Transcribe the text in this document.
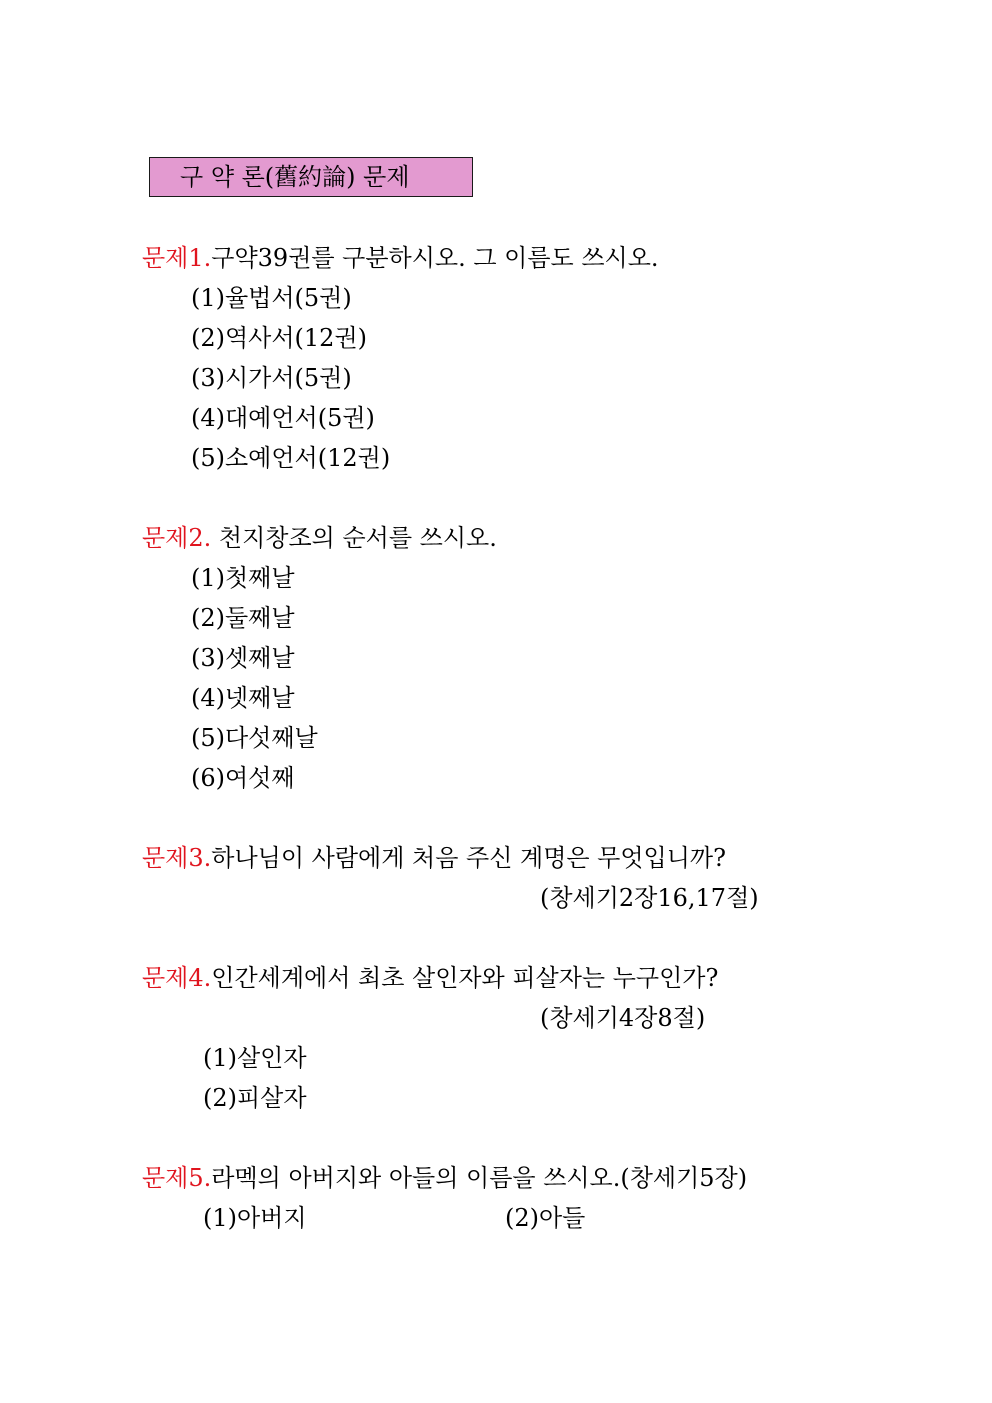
구 약 론(舊約論) 문제
문제1.구약39권를 구분하시오. 그 이름도 쓰시오.
(1)율법서(5권)
(2)역사서(12권)
(3)시가서(5권)
(4)대예언서(5권)
(5)소예언서(12권)
문제2. 천지창조의 순서를 쓰시오.
(1)첫째날
(2)둘째날
(3)셋째날
(4)넷째날
(5)다섯째날
(6)여섯째
문제3.하나님이 사람에게 처음 주신 계명은 무엇입니까?
(창세기2장16,17절)
문제4.인간세계에서 최초 살인자와 피살자는 누구인가?
(창세기4장8절)
(1)살인자
(2)피살자
문제5.라멕의 아버지와 아들의 이름을 쓰시오.(창세기5장)
(1)아버지	(2)아들
